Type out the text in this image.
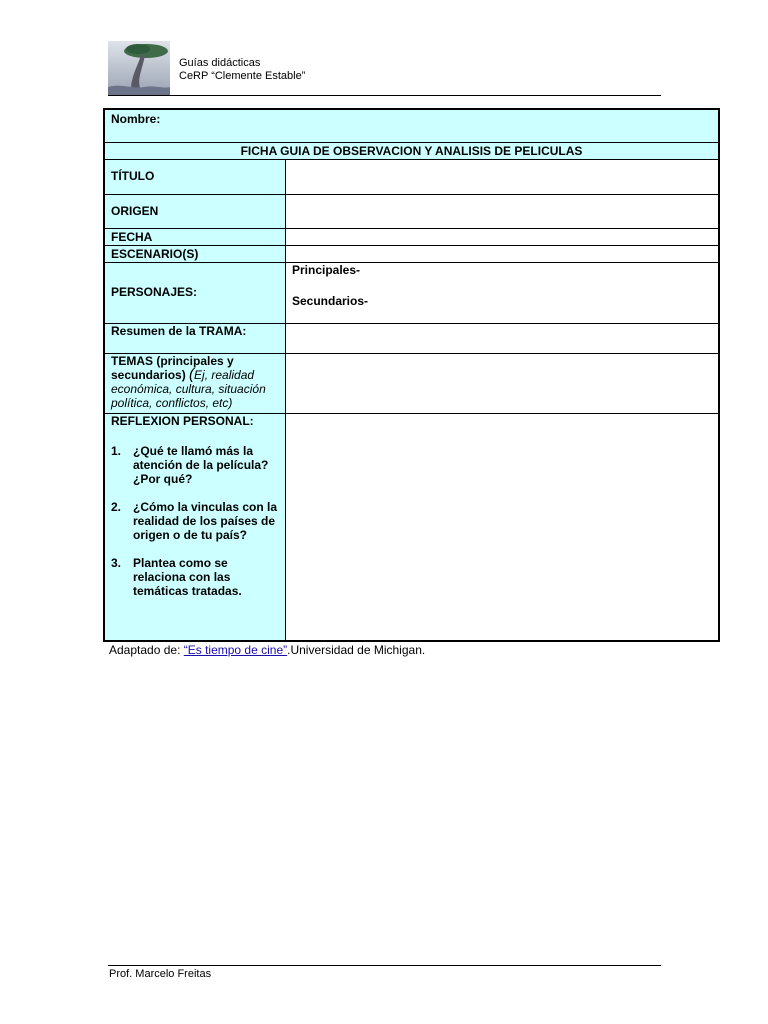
Guías didácticas
CeRP “Clemente Estable”
Nombre:
FICHA GUIA DE OBSERVACION Y ANALISIS DE PELICULAS
TÍTULO
ORIGEN
FECHA
ESCENARIO(S)
PERSONAJES:
Resumen de la TRAMA:
TEMAS (principales y
secundarios) (Ej, realidad económica, cultura, situación política, conflictos, etc)
REFLEXION PERSONAL:
1. ¿Qué te llamó más la atención de la película? ¿Por qué?
2. ¿Cómo la vinculas con la realidad de los países de origen o de tu país?
3. Plantea como se relaciona con las temáticas tratadas.
Principales-
Secundarios-
Adaptado de: “Es tiempo de cine”.Universidad de Michigan.
Prof. Marcelo Freitas
